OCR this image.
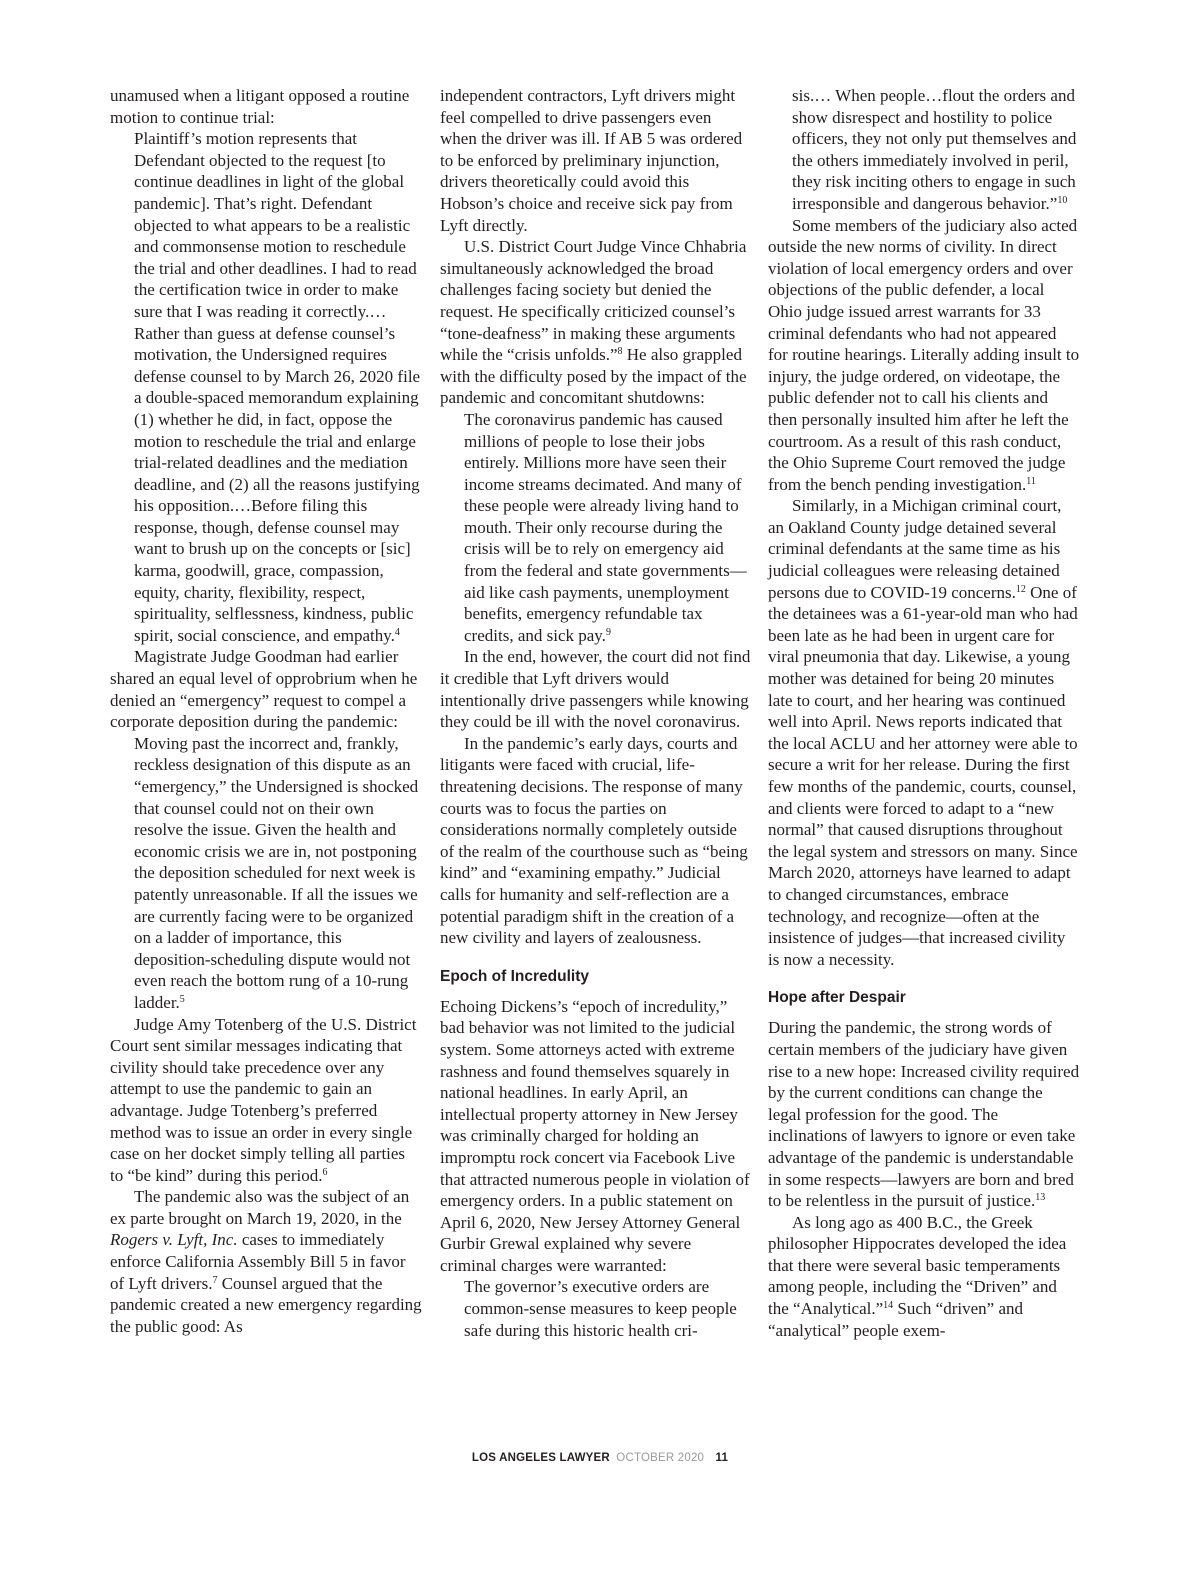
unamused when a litigant opposed a routine motion to continue trial:

Plaintiff’s motion represents that Defendant objected to the request [to continue deadlines in light of the global pandemic]. That’s right. Defendant objected to what appears to be a realistic and commonsense motion to reschedule the trial and other deadlines. I had to read the certification twice in order to make sure that I was reading it correctly.… Rather than guess at defense counsel’s motivation, the Undersigned requires defense counsel to by March 26, 2020 file a double-spaced memorandum explaining (1) whether he did, in fact, oppose the motion to reschedule the trial and enlarge trial-related deadlines and the mediation deadline, and (2) all the reasons justifying his opposition.…Before filing this response, though, defense counsel may want to brush up on the concepts or [sic] karma, goodwill, grace, compassion, equity, charity, flexibility, respect, spirituality, selflessness, kindness, public spirit, social conscience, and empathy.$^4$

Magistrate Judge Goodman had earlier shared an equal level of opprobrium when he denied an “emergency” request to compel a corporate deposition during the pandemic:

Moving past the incorrect and, frankly, reckless designation of this dispute as an “emergency,” the Undersigned is shocked that counsel could not on their own resolve the issue. Given the health and economic crisis we are in, not postponing the deposition scheduled for next week is patently unreasonable. If all the issues we are currently facing were to be organized on a ladder of importance, this deposition-scheduling dispute would not even reach the bottom rung of a 10-rung ladder.$^5$

Judge Amy Totenberg of the U.S. District Court sent similar messages indicating that civility should take precedence over any attempt to use the pandemic to gain an advantage. Judge Totenberg’s preferred method was to issue an order in every single case on her docket simply telling all parties to “be kind” during this period.$^6$

The pandemic also was the subject of an ex parte brought on March 19, 2020, in the Rogers v. Lyft, Inc. cases to immediately enforce California Assembly Bill 5 in favor of Lyft drivers.$^7$ Counsel argued that the pandemic created a new emergency regarding the public good: As

independent contractors, Lyft drivers might feel compelled to drive passengers even when the driver was ill. If AB 5 was ordered to be enforced by preliminary injunction, drivers theoretically could avoid this Hobson’s choice and receive sick pay from Lyft directly.

U.S. District Court Judge Vince Chhabria simultaneously acknowledged the broad challenges facing society but denied the request. He specifically criticized counsel’s “tone-deafness” in making these arguments while the “crisis unfolds.”$^8$ He also grappled with the difficulty posed by the impact of the pandemic and concomitant shutdowns:

The coronavirus pandemic has caused millions of people to lose their jobs entirely. Millions more have seen their income streams decimated. And many of these people were already living hand to mouth. Their only recourse during the crisis will be to rely on emergency aid from the federal and state governments—aid like cash payments, unemployment benefits, emergency refundable tax credits, and sick pay.$^9$

In the end, however, the court did not find it credible that Lyft drivers would intentionally drive passengers while knowing they could be ill with the novel coronavirus.

In the pandemic’s early days, courts and litigants were faced with crucial, life-threatening decisions. The response of many courts was to focus the parties on considerations normally completely outside of the realm of the courthouse such as “being kind” and “examining empathy.” Judicial calls for humanity and self-reflection are a potential paradigm shift in the creation of a new civility and layers of zealousness.

Epoch of Incredulity

Echoing Dickens’s “epoch of incredulity,” bad behavior was not limited to the judicial system. Some attorneys acted with extreme rashness and found themselves squarely in national headlines. In early April, an intellectual property attorney in New Jersey was criminally charged for holding an impromptu rock concert via Facebook Live that attracted numerous people in violation of emergency orders. In a public statement on April 6, 2020, New Jersey Attorney General Gurbir Grewal explained why severe criminal charges were warranted:

The governor’s executive orders are common-sense measures to keep people safe during this historic health cri-
sis.… When people…flout the orders and show disrespect and hostility to police officers, they not only put themselves and the others immediately involved in peril, they risk inciting others to engage in such irresponsible and dangerous behavior.”$^{10}$

Some members of the judiciary also acted outside the new norms of civility. In direct violation of local emergency orders and over objections of the public defender, a local Ohio judge issued arrest warrants for 33 criminal defendants who had not appeared for routine hearings. Literally adding insult to injury, the judge ordered, on videotape, the public defender not to call his clients and then personally insulted him after he left the courtroom. As a result of this rash conduct, the Ohio Supreme Court removed the judge from the bench pending investigation.$^{11}$

Similarly, in a Michigan criminal court, an Oakland County judge detained several criminal defendants at the same time as his judicial colleagues were releasing detained persons due to COVID-19 concerns.$^{12}$ One of the detainees was a 61-year-old man who had been late as he had been in urgent care for viral pneumonia that day. Likewise, a young mother was detained for being 20 minutes late to court, and her hearing was continued well into April. News reports indicated that the local ACLU and her attorney were able to secure a writ for her release. During the first few months of the pandemic, courts, counsel, and clients were forced to adapt to a “new normal” that caused disruptions throughout the legal system and stressors on many. Since March 2020, attorneys have learned to adapt to changed circumstances, embrace technology, and recognize—often at the insistence of judges—that increased civility is now a necessity.

Hope after Despair

During the pandemic, the strong words of certain members of the judiciary have given rise to a new hope: Increased civility required by the current conditions can change the legal profession for the good. The inclinations of lawyers to ignore or even take advantage of the pandemic is understandable in some respects—lawyers are born and bred to be relentless in the pursuit of justice.$^{13}$

As long ago as 400 B.C., the Greek philosopher Hippocrates developed the idea that there were several basic temperaments among people, including the “Driven” and the “Analytical.”$^{14}$ Such “driven” and “analytical” people exem-

LOS ANGELES LAWYER OCTOBER 2020 11
